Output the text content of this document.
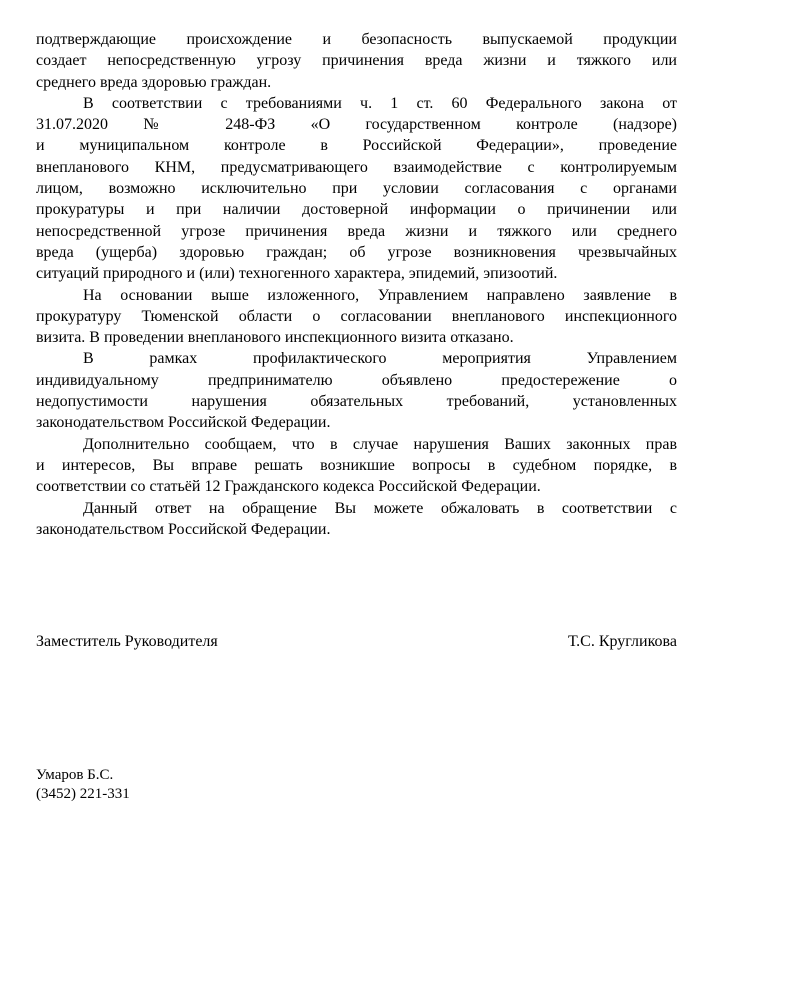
подтверждающие происхождение и безопасность выпускаемой продукции
создает непосредственную угрозу причинения вреда жизни и тяжкого или
среднего вреда здоровью граждан.
В соответствии с требованиями ч. 1 ст. 60 Федерального закона от
31.07.2020 № 248-ФЗ «О государственном контроле (надзоре)
и муниципальном контроле в Российской Федерации», проведение
внепланового КНМ, предусматривающего взаимодействие с контролируемым
лицом, возможно исключительно при условии согласования с органами
прокуратуры и при наличии достоверной информации о причинении или
непосредственной угрозе причинения вреда жизни и тяжкого или среднего
вреда (ущерба) здоровью граждан; об угрозе возникновения чрезвычайных
ситуаций природного и (или) техногенного характера, эпидемий, эпизоотий.
На основании выше изложенного, Управлением направлено заявление в
прокуратуру Тюменской области о согласовании внепланового инспекционного
визита. В проведении внепланового инспекционного визита отказано.
В рамках профилактического мероприятия Управлением
индивидуальному предпринимателю объявлено предостережение о
недопустимости нарушения обязательных требований, установленных
законодательством Российской Федерации.
Дополнительно сообщаем, что в случае нарушения Ваших законных прав
и интересов, Вы вправе решать возникшие вопросы в судебном порядке, в
соответствии со статьёй 12 Гражданского кодекса Российской Федерации.
Данный ответ на обращение Вы можете обжаловать в соответствии с
законодательством Российской Федерации.
Заместитель Руководителя	Т.С. Кругликова
Умаров Б.С.
(3452) 221-331
